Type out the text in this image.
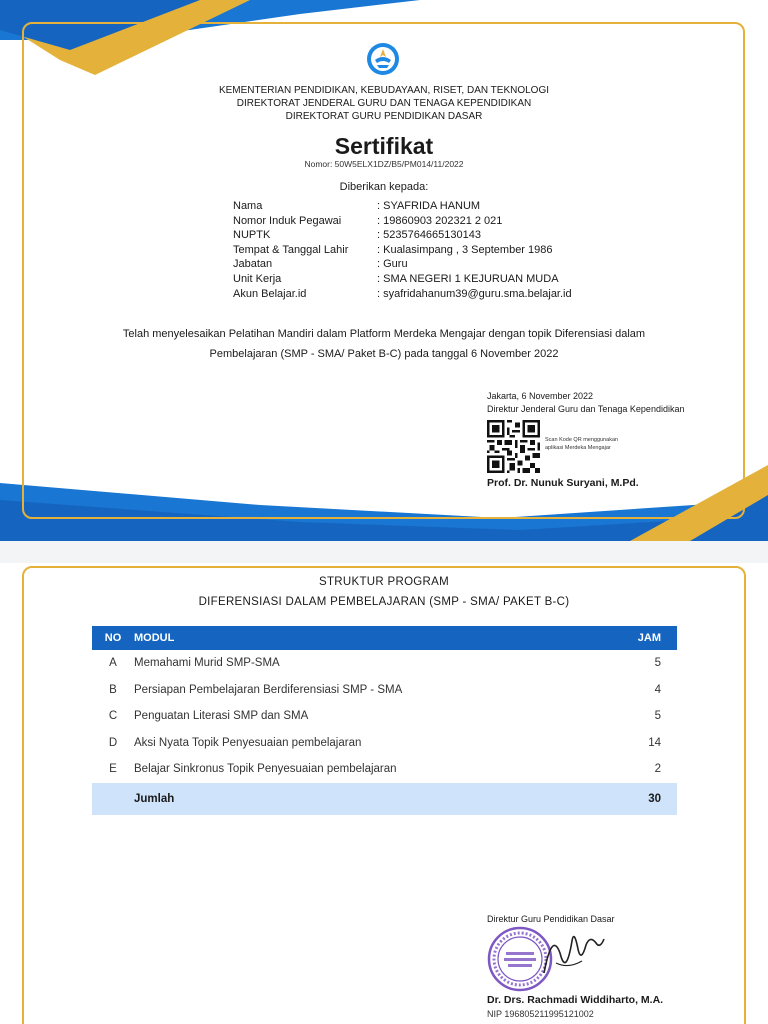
KEMENTERIAN PENDIDIKAN, KEBUDAYAAN, RISET, DAN TEKNOLOGI
DIREKTORAT JENDERAL GURU DAN TENAGA KEPENDIDIKAN
DIREKTORAT GURU PENDIDIKAN DASAR
Sertifikat
Nomor: 50W5ELX1DZ/B5/PM014/11/2022
Diberikan kepada:
Nama	: SYAFRIDA HANUM
Nomor Induk Pegawai	: 19860903 202321 2 021
NUPTK	: 5235764665130143
Tempat & Tanggal Lahir	: Kualasimpang , 3 September 1986
Jabatan	: Guru
Unit Kerja	: SMA NEGERI 1 KEJURUAN MUDA
Akun Belajar.id	: syafridahanum39@guru.sma.belajar.id
Telah menyelesaikan Pelatihan Mandiri dalam Platform Merdeka Mengajar dengan topik Diferensiasi dalam
Pembelajaran (SMP - SMA/ Paket B-C) pada tanggal 6 November 2022
Jakarta, 6 November 2022
Direktur Jenderal Guru dan Tenaga Kependidikan
Scan Kode QR menggunakan
aplikasi Merdeka Mengajar
Prof. Dr. Nunuk Suryani, M.Pd.
STRUKTUR PROGRAM
DIFERENSIASI DALAM PEMBELAJARAN (SMP - SMA/ PAKET B-C)
NO	MODUL	JAM
A	Memahami Murid SMP-SMA	5
B	Persiapan Pembelajaran Berdiferensiasi SMP - SMA	4
C	Penguatan Literasi SMP dan SMA	5
D	Aksi Nyata Topik Penyesuaian pembelajaran	14
E	Belajar Sinkronus Topik Penyesuaian pembelajaran	2
	Jumlah	30
Direktur Guru Pendidikan Dasar
Dr. Drs. Rachmadi Widdiharto, M.A.
NIP 196805211995121002
